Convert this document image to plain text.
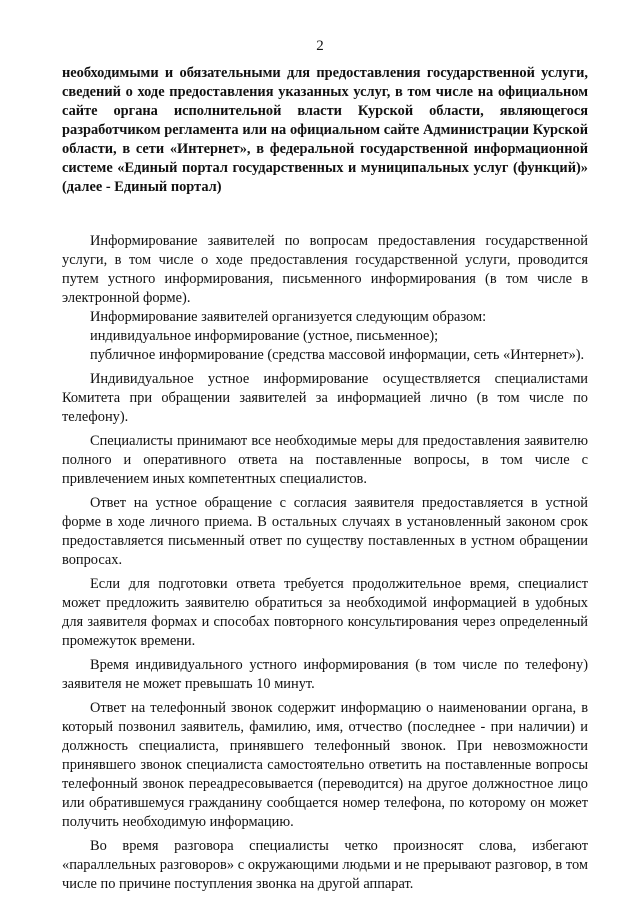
2
необходимыми и обязательными для предоставления государственной услуги, сведений о ходе предоставления указанных услуг, в том числе на официальном сайте органа исполнительной власти Курской области, являющегося разработчиком регламента или на официальном сайте Администрации Курской области, в сети «Интернет», в федеральной государственной информационной системе «Единый портал государственных и муниципальных услуг (функций)» (далее - Единый портал)

Информирование заявителей по вопросам предоставления государственной услуги, в том числе о ходе предоставления государственной услуги, проводится путем устного информирования, письменного информирования (в том числе в электронной форме).

Информирование заявителей организуется следующим образом:

индивидуальное информирование (устное, письменное);

публичное информирование (средства массовой информации, сеть «Интернет»).

Индивидуальное устное информирование осуществляется специалистами Комитета при обращении заявителей за информацией лично (в том числе по телефону).

Специалисты принимают все необходимые меры для предоставления заявителю полного и оперативного ответа на поставленные вопросы, в том числе с привлечением иных компетентных специалистов.

Ответ на устное обращение с согласия заявителя предоставляется в устной форме в ходе личного приема. В остальных случаях в установленный законом срок предоставляется письменный ответ по существу поставленных в устном обращении вопросах.

Если для подготовки ответа требуется продолжительное время, специалист может предложить заявителю обратиться за необходимой информацией в удобных для заявителя формах и способах повторного консультирования через определенный промежуток времени.

Время индивидуального устного информирования (в том числе по телефону) заявителя не может превышать 10 минут.

Ответ на телефонный звонок содержит информацию о наименовании органа, в который позвонил заявитель, фамилию, имя, отчество (последнее - при наличии) и должность специалиста, принявшего телефонный звонок. При невозможности принявшего звонок специалиста самостоятельно ответить на поставленные вопросы телефонный звонок переадресовывается (переводится) на другое должностное лицо или обратившемуся гражданину сообщается номер телефона, по которому он может получить необходимую информацию.

Во время разговора специалисты четко произносят слова, избегают «параллельных разговоров» с окружающими людьми и не прерывают разговор, в том числе по причине поступления звонка на другой аппарат.
